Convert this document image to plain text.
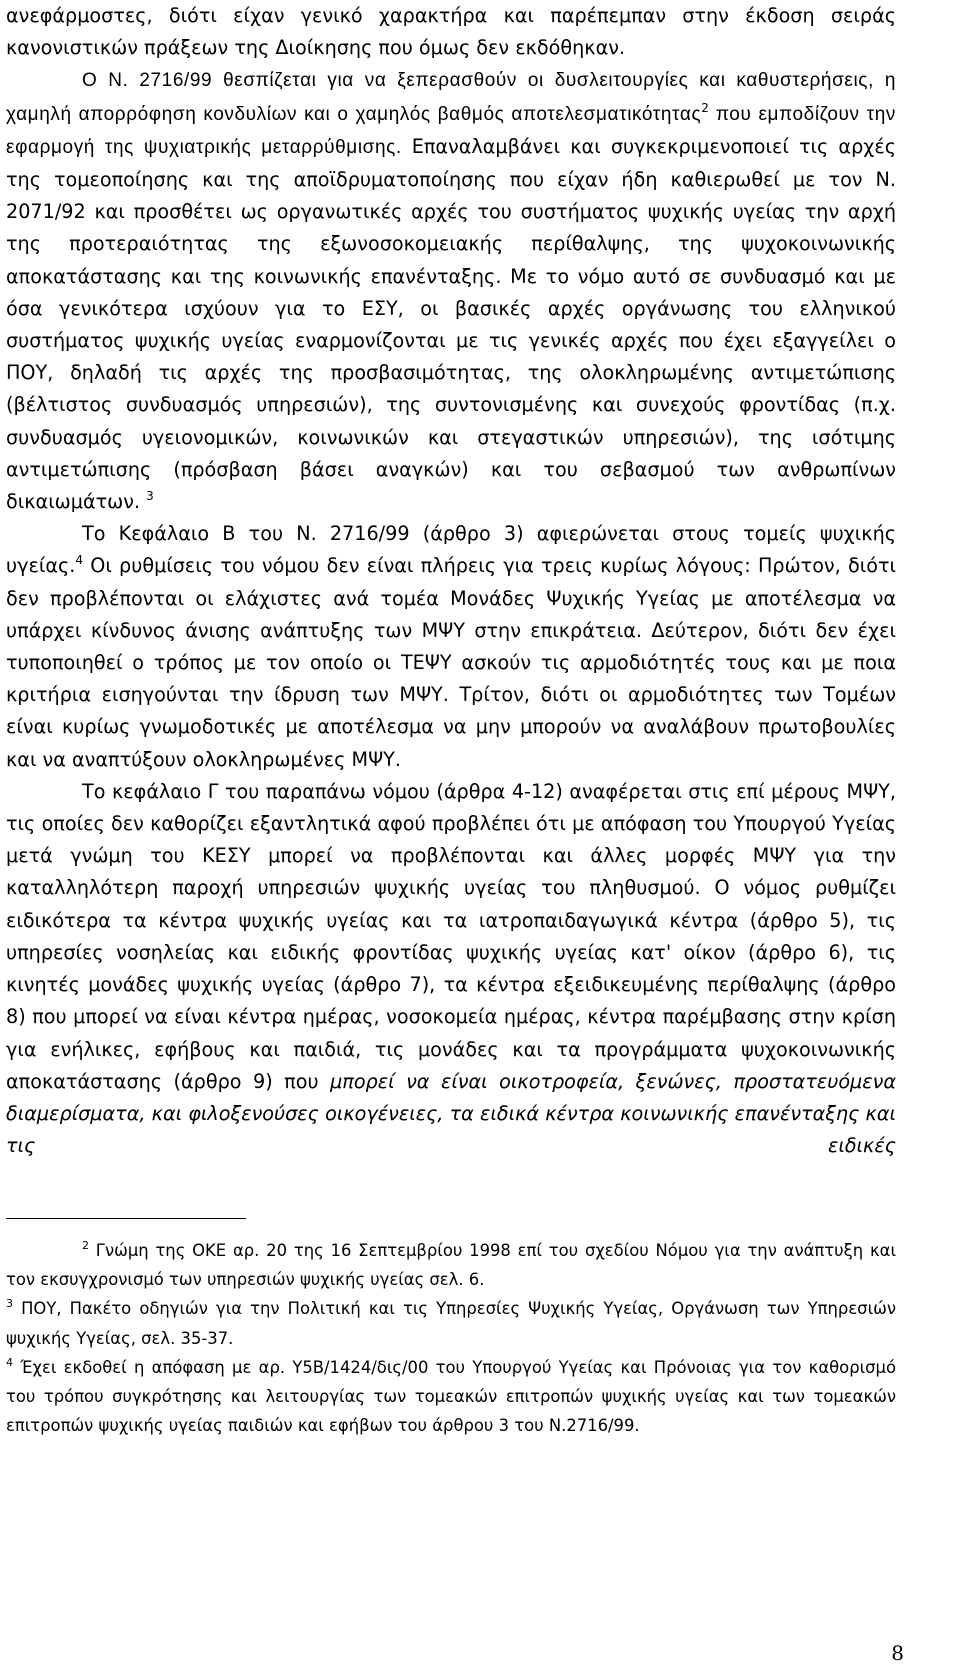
ανεφάρμοστες, διότι είχαν γενικό χαρακτήρα και παρέπεμπαν στην έκδοση σειράς

κανονιστικών πράξεων της Διοίκησης που όμως δεν εκδόθηκαν.

Ο Ν. 2716/99 θεσπίζεται για να ξεπερασθούν οι δυσλειτουργίες και καθυστερήσεις, η χαμηλή απορρόφηση κονδυλίων και ο χαμηλός βαθμός αποτελεσματικότητας$^2$ που εμποδίζουν την εφαρμογή της ψυχιατρικής μεταρρύθμισης. Επαναλαμβάνει και συγκεκριμενοποιεί τις αρχές της τομεοποίησης και της αποϊδρυματοποίησης που είχαν ήδη καθιερωθεί με τον Ν. 2071/92 και προσθέτει ως οργανωτικές αρχές του συστήματος ψυχικής υγείας την αρχή της προτεραιότητας της εξωνοσοκομειακής περίθαλψης, της ψυχοκοινωνικής αποκατάστασης και της κοινωνικής επανένταξης. Με το νόμο αυτό σε συνδυασμό και με όσα γενικότερα ισχύουν για το ΕΣΥ, οι βασικές αρχές οργάνωσης του ελληνικού συστήματος ψυχικής υγείας εναρμονίζονται με τις γενικές αρχές που έχει εξαγγείλει ο ΠΟΥ, δηλαδή τις αρχές της προσβασιμότητας, της ολοκληρωμένης αντιμετώπισης (βέλτιστος συνδυασμός υπηρεσιών), της συντονισμένης και συνεχούς φροντίδας (π.χ. συνδυασμός υγειονομικών, κοινωνικών και στεγαστικών υπηρεσιών), της ισότιμης αντιμετώπισης (πρόσβαση βάσει αναγκών) και του σεβασμού των ανθρωπίνων δικαιωμάτων. $^3$

Το Κεφάλαιο Β του Ν. 2716/99 (άρθρο 3) αφιερώνεται στους τομείς ψυχικής υγείας.$^4$ Οι ρυθμίσεις του νόμου δεν είναι πλήρεις για τρεις κυρίως λόγους: Πρώτον, διότι δεν προβλέπονται οι ελάχιστες ανά τομέα Μονάδες Ψυχικής Υγείας με αποτέλεσμα να υπάρχει κίνδυνος άνισης ανάπτυξης των ΜΨΥ στην επικράτεια. Δεύτερον, διότι δεν έχει τυποποιηθεί ο τρόπος με τον οποίο οι ΤΕΨΥ ασκούν τις αρμοδιότητές τους και με ποια κριτήρια εισηγούνται την ίδρυση των ΜΨΥ. Τρίτον, διότι οι αρμοδιότητες των Τομέων είναι κυρίως γνωμοδοτικές με αποτέλεσμα να μην μπορούν να αναλάβουν πρωτοβουλίες και να αναπτύξουν ολοκληρωμένες ΜΨΥ.

Το κεφάλαιο Γ του παραπάνω νόμου (άρθρα 4-12) αναφέρεται στις επί μέρους ΜΨΥ, τις οποίες δεν καθορίζει εξαντλητικά αφού προβλέπει ότι με απόφαση του Υπουργού Υγείας μετά γνώμη του ΚΕΣΥ μπορεί να προβλέπονται και άλλες μορφές ΜΨΥ για την καταλληλότερη παροχή υπηρεσιών ψυχικής υγείας του πληθυσμού. Ο νόμος ρυθμίζει ειδικότερα τα κέντρα ψυχικής υγείας και τα ιατροπαιδαγωγικά κέντρα (άρθρο 5), τις υπηρεσίες νοσηλείας και ειδικής φροντίδας ψυχικής υγείας κατ' οίκον (άρθρο 6), τις κινητές μονάδες ψυχικής υγείας (άρθρο 7), τα κέντρα εξειδικευμένης περίθαλψης (άρθρο 8) που μπορεί να είναι κέντρα ημέρας, νοσοκομεία ημέρας, κέντρα παρέμβασης στην κρίση για ενήλικες, εφήβους και παιδιά, τις μονάδες και τα προγράμματα ψυχοκοινωνικής αποκατάστασης (άρθρο 9) που μπορεί να είναι οικοτροφεία, ξενώνες, προστατευόμενα διαμερίσματα, και φιλοξενούσες οικογένειες, τα ειδικά κέντρα κοινωνικής επανένταξης και τις ειδικές

$^2$ Γνώμη της ΟΚΕ αρ. 20 της 16 Σεπτεμβρίου 1998 επί του σχεδίου Νόμου για την ανάπτυξη και τον εκσυγχρονισμό των υπηρεσιών ψυχικής υγείας σελ. 6.

$^3$ ΠΟΥ, Πακέτο οδηγιών για την Πολιτική και τις Υπηρεσίες Ψυχικής Υγείας, Οργάνωση των Υπηρεσιών ψυχικής Υγείας, σελ. 35-37.

$^4$ Έχει εκδοθεί η απόφαση με αρ. Υ5Β/1424/δις/00 του Υπουργού Υγείας και Πρόνοιας για τον καθορισμό του τρόπου συγκρότησης και λειτουργίας των τομεακών επιτροπών ψυχικής υγείας και των τομεακών επιτροπών ψυχικής υγείας παιδιών και εφήβων του άρθρου 3 του Ν.2716/99.

8
